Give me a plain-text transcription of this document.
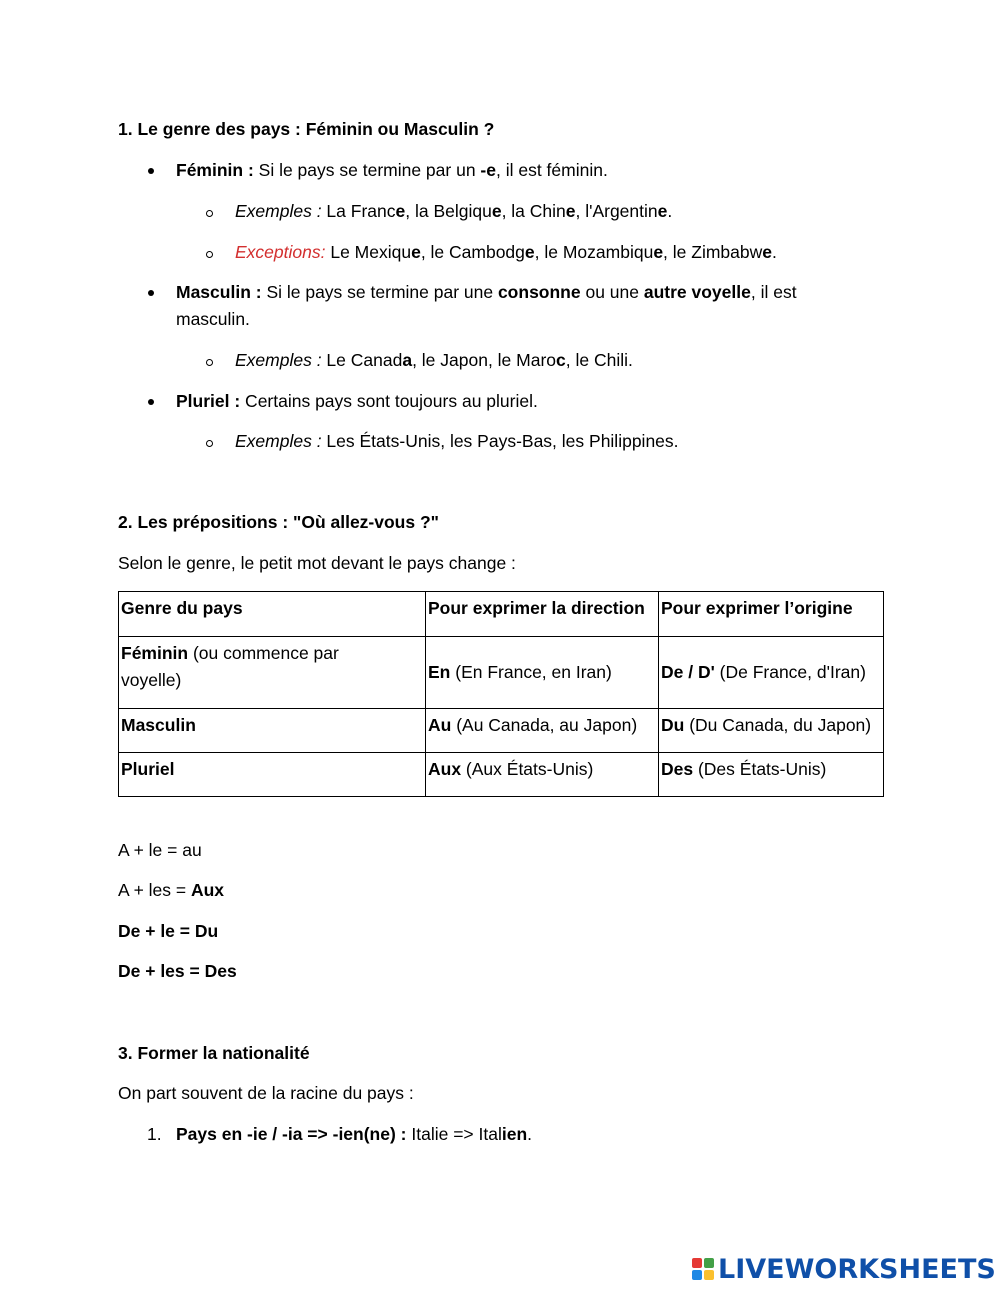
1. Le genre des pays : Féminin ou Masculin ?
Féminin : Si le pays se termine par un -e, il est féminin.
Exemples : La France, la Belgique, la Chine, l'Argentine.
Exceptions: Le Mexique, le Cambodge, le Mozambique, le Zimbabwe.
Masculin : Si le pays se termine par une consonne ou une autre voyelle, il est
masculin.
Exemples : Le Canada, le Japon, le Maroc, le Chili.
Pluriel : Certains pays sont toujours au pluriel.
Exemples : Les États-Unis, les Pays-Bas, les Philippines.
2. Les prépositions : "Où allez-vous ?"
Selon le genre, le petit mot devant le pays change :
Genre du pays	Pour exprimer la direction	Pour exprimer l’origine
Féminin (ou commence par
voyelle)	En (En France, en Iran)	De / D' (De France, d'Iran)
Masculin	Au (Au Canada, au Japon)	Du (Du Canada, du Japon)
Pluriel	Aux (Aux États-Unis)	Des (Des États-Unis)
A + le = au
A + les = Aux
De + le = Du
De + les = Des
3. Former la nationalité
On part souvent de la racine du pays :
1. Pays en -ie / -ia => -ien(ne) : Italie => Italien.
LIVEWORKSHEETS
